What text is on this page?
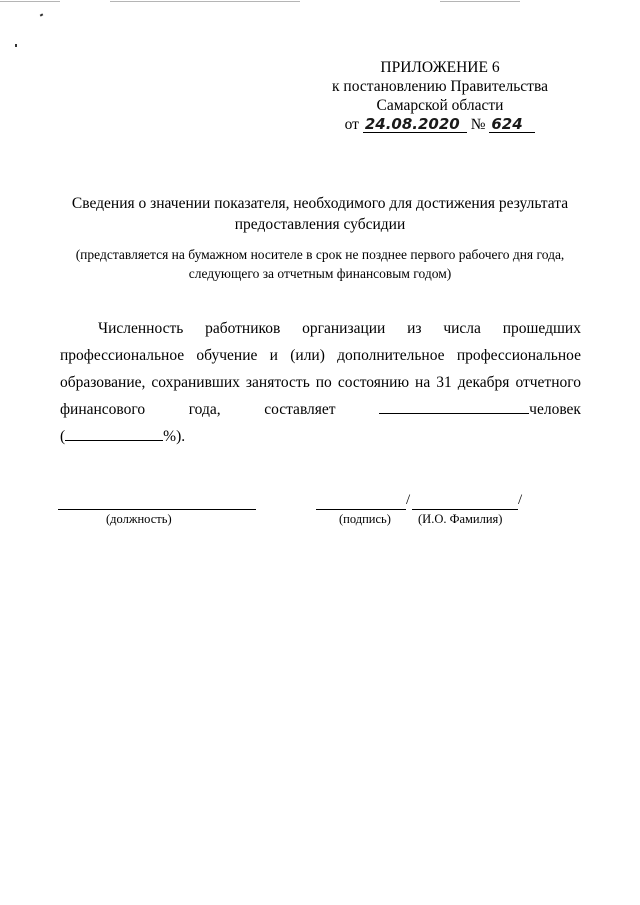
ПРИЛОЖЕНИЕ 6
к постановлению Правительства
Самарской области
от 24.08.2020 № 624
Сведения о значении показателя, необходимого для достижения результата
предоставления субсидии
(представляется на бумажном носителе в срок не позднее первого рабочего дня года,
следующего за отчетным финансовым годом)
Численность работников организации из числа прошедших
профессиональное обучение и (или) дополнительное профессиональное
образование, сохранивших занятость по состоянию на 31 декабря отчетного
финансового	года,	составляет	человек
(	%).
(должность)
/	/
(подпись) (И.О. Фамилия)
